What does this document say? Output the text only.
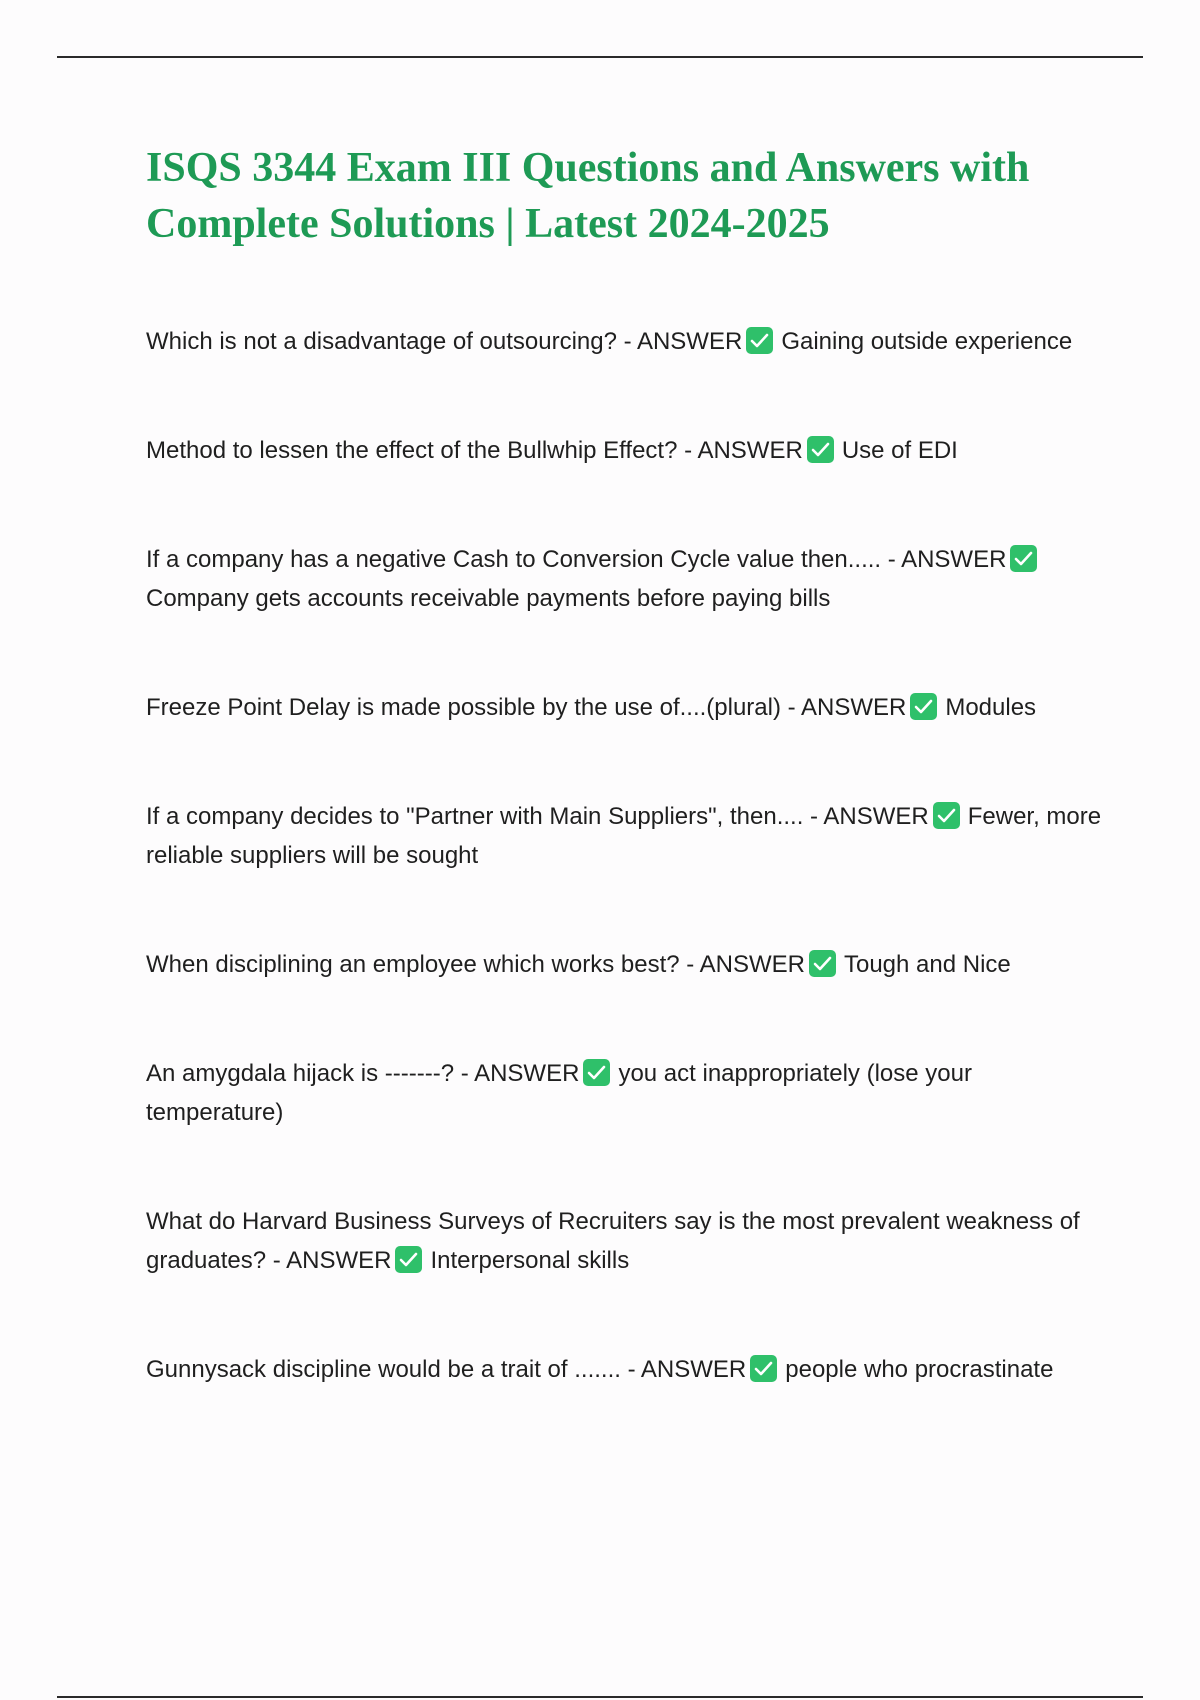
ISQS 3344 Exam III Questions and Answers with Complete Solutions | Latest 2024-2025
Which is not a disadvantage of outsourcing? - ANSWER Gaining outside experience
Method to lessen the effect of the Bullwhip Effect? - ANSWER Use of EDI
If a company has a negative Cash to Conversion Cycle value then..... - ANSWER
Company gets accounts receivable payments before paying bills
Freeze Point Delay is made possible by the use of....(plural) - ANSWER Modules
If a company decides to "Partner with Main Suppliers", then.... - ANSWER Fewer, more reliable suppliers will be sought
When disciplining an employee which works best? - ANSWER Tough and Nice
An amygdala hijack is -------? - ANSWER you act inappropriately (lose your temperature)
What do Harvard Business Surveys of Recruiters say is the most prevalent weakness of graduates? - ANSWER Interpersonal skills
Gunnysack discipline would be a trait of ....... - ANSWER people who procrastinate
